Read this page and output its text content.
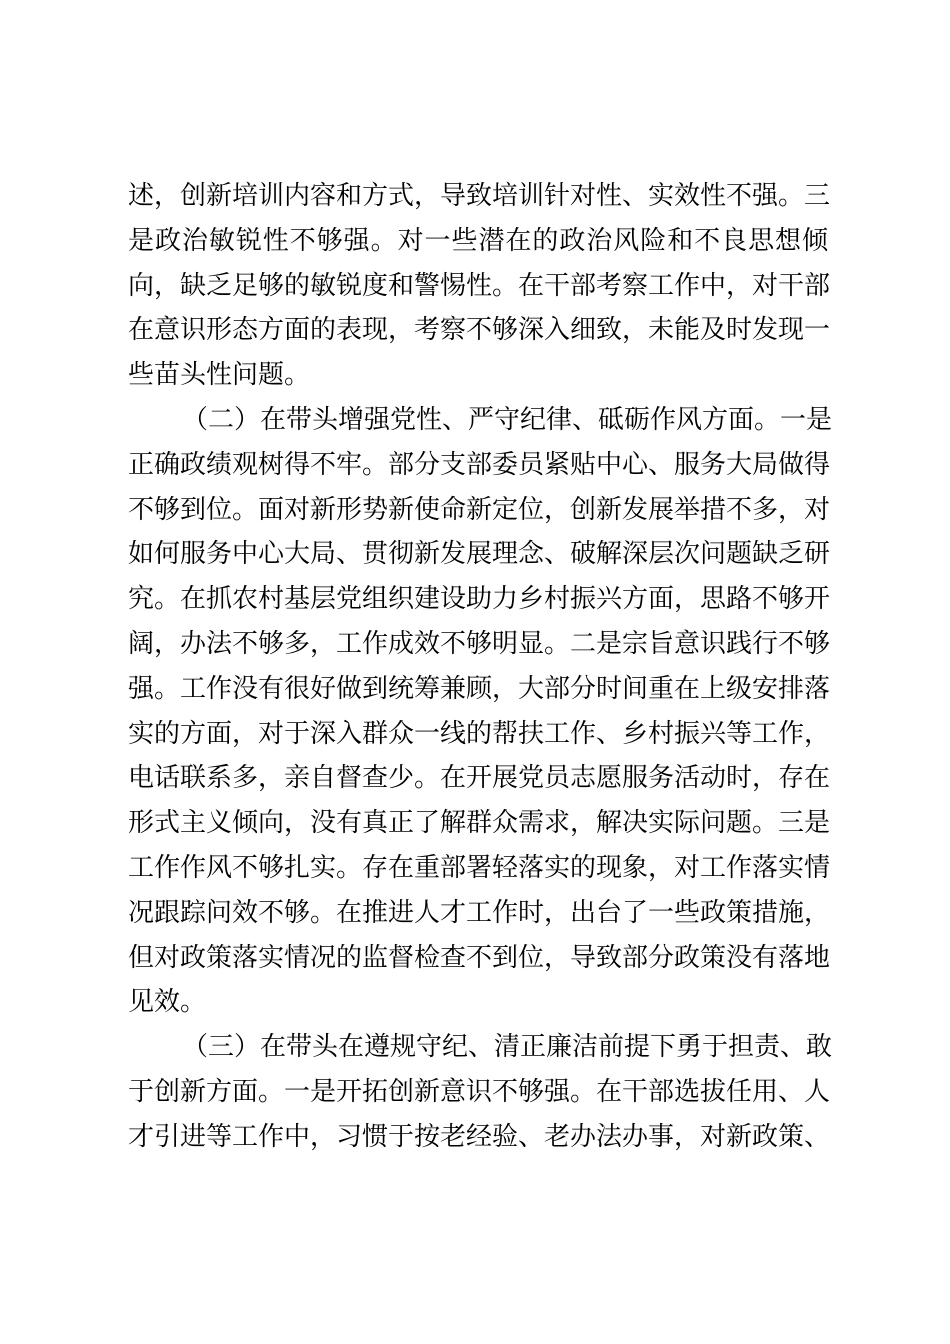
述，创新培训内容和方式，导致培训针对性、实效性不强。三
是政治敏锐性不够强。对一些潜在的政治风险和不良思想倾
向，缺乏足够的敏锐度和警惕性。在干部考察工作中，对干部
在意识形态方面的表现，考察不够深入细致，未能及时发现一
些苗头性问题。
（二）在带头增强党性、严守纪律、砥砺作风方面。一是
正确政绩观树得不牢。部分支部委员紧贴中心、服务大局做得
不够到位。面对新形势新使命新定位，创新发展举措不多，对
如何服务中心大局、贯彻新发展理念、破解深层次问题缺乏研
究。在抓农村基层党组织建设助力乡村振兴方面，思路不够开
阔，办法不够多，工作成效不够明显。二是宗旨意识践行不够
强。工作没有很好做到统筹兼顾，大部分时间重在上级安排落
实的方面，对于深入群众一线的帮扶工作、乡村振兴等工作，
电话联系多，亲自督查少。在开展党员志愿服务活动时，存在
形式主义倾向，没有真正了解群众需求，解决实际问题。三是
工作作风不够扎实。存在重部署轻落实的现象，对工作落实情
况跟踪问效不够。在推进人才工作时，出台了一些政策措施，
但对政策落实情况的监督检查不到位，导致部分政策没有落地
见效。
（三）在带头在遵规守纪、清正廉洁前提下勇于担责、敢
于创新方面。一是开拓创新意识不够强。在干部选拔任用、人
才引进等工作中，习惯于按老经验、老办法办事，对新政策、
